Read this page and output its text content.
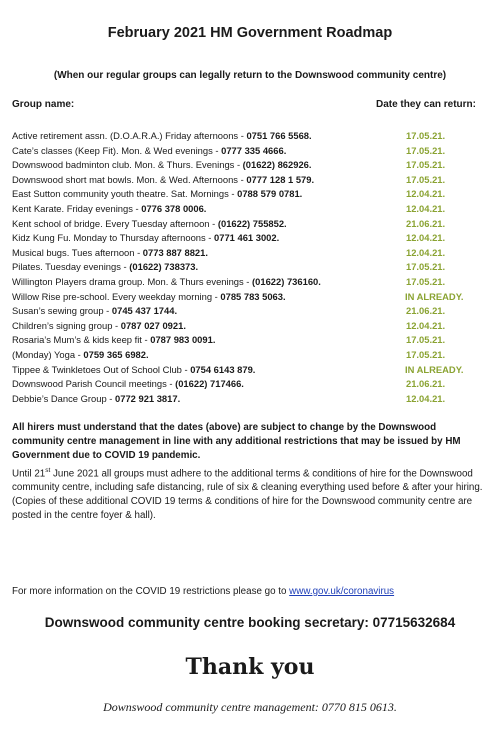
February 2021 HM Government Roadmap
(When our regular groups can legally return to the Downswood community centre)
Group name:	Date they can return:
Active retirement assn. (D.O.A.R.A.) Friday afternoons - 0751 766 5568.	17.05.21.
Cate’s classes (Keep Fit). Mon. & Wed evenings - 0777 335 4666.	17.05.21.
Downswood badminton club. Mon. & Thurs. Evenings - (01622) 862926.	17.05.21.
Downswood short mat bowls. Mon. & Wed. Afternoons - 0777 128 1 579.	17.05.21.
East Sutton community youth theatre. Sat. Mornings - 0788 579 0781.	12.04.21.
Kent Karate. Friday evenings - 0776 378 0006.	12.04.21.
Kent school of bridge. Every Tuesday afternoon - (01622) 755852.	21.06.21.
Kidz Kung Fu. Monday to Thursday afternoons - 0771 461 3002.	12.04.21.
Musical bugs. Tues afternoon - 0773 887 8821.	12.04.21.
Pilates. Tuesday evenings - (01622) 738373.	17.05.21.
Willington Players drama group. Mon. & Thurs evenings - (01622) 736160.	17.05.21.
Willow Rise pre-school. Every weekday morning - 0785 783 5063.	IN ALREADY.
Susan’s sewing group - 0745 437 1744.	21.06.21.
Children’s signing group - 0787 027 0921.	12.04.21.
Rosaria’s Mum’s & kids keep fit - 0787 983 0091.	17.05.21.
(Monday) Yoga - 0759 365 6982.	17.05.21.
Tippee & Twinkletoes Out of School Club - 0754 6143 879.	IN ALREADY.
Downswood Parish Council meetings - (01622) 717466.	21.06.21.
Debbie’s Dance Group - 0772 921 3817.	12.04.21.
All hirers must understand that the dates (above) are subject to change by the Downswood community centre management in line with any additional restrictions that may be issued by HM Government due to COVID 19 pandemic.
Until 21st June 2021 all groups must adhere to the additional terms & conditions of hire for the Downswood community centre, including safe distancing, rule of six & cleaning everything used before & after your hiring.
(Copies of these additional COVID 19 terms & conditions of hire for the Downswood community centre are posted in the centre foyer & hall).
For more information on the COVID 19 restrictions please go to www.gov.uk/coronavirus
Downswood community centre booking secretary: 07715632684
Thank you
Downswood community centre management: 0770 815 0613.
